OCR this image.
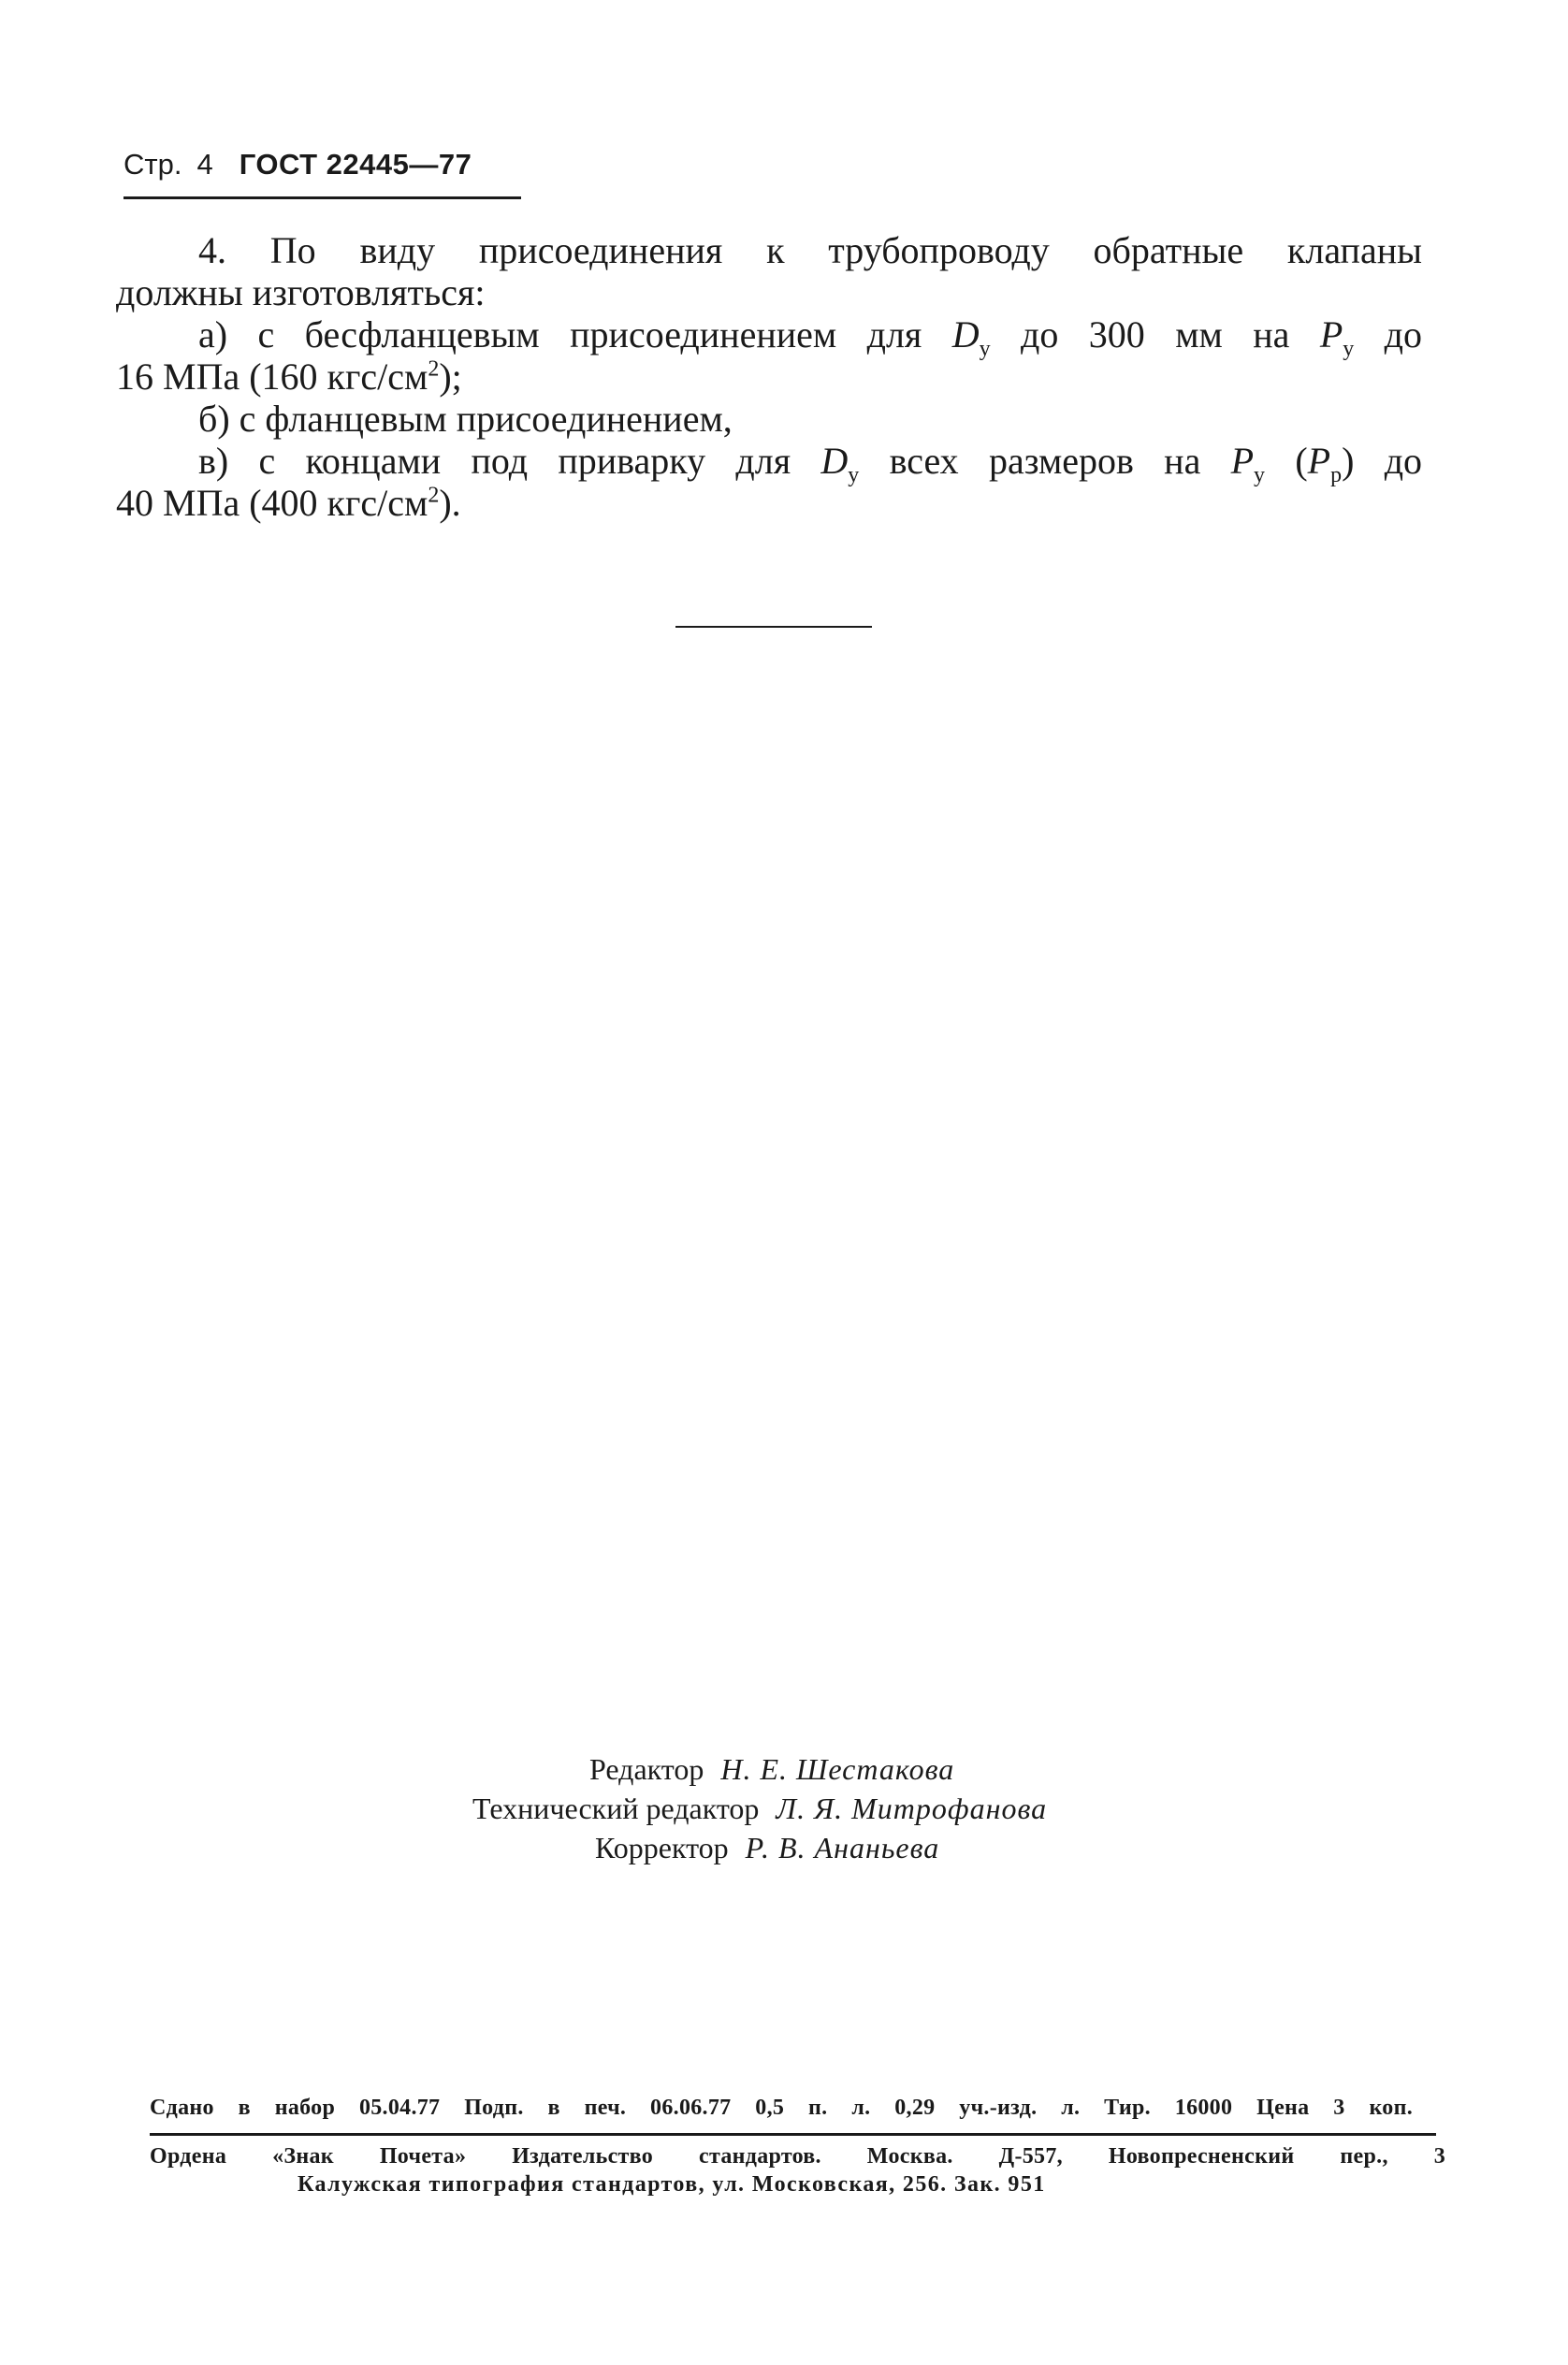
Стр. 4 ГОСТ 22445—77
4. По виду присоединения к трубопроводу обратные клапаны
должны изготовляться:
а) с бесфланцевым присоединением для $D_у$ до 300 мм на $P_у$ до
16 МПа (160 кгс/$см^2$);
б) с фланцевым присоединением,
в) с концами под приварку для $D_у$ всех размеров на $P_у$ $(P_р)$ до
40 МПа (400 кгс/$см^2$).
Редактор Н. Е. Шестакова
Технический редактор Л. Я. Митрофанова
Корректор Р. В. Ананьева
Сдано в набор 05.04.77 Подп. в печ. 06.06.77 0,5 п. л. 0,29 уч.-изд. л. Тир. 16000 Цена 3 коп.
Ордена «Знак Почета» Издательство стандартов. Москва. Д-557, Новопресненский пер., 3
Калужская типография стандартов, ул. Московская, 256. Зак. 951
